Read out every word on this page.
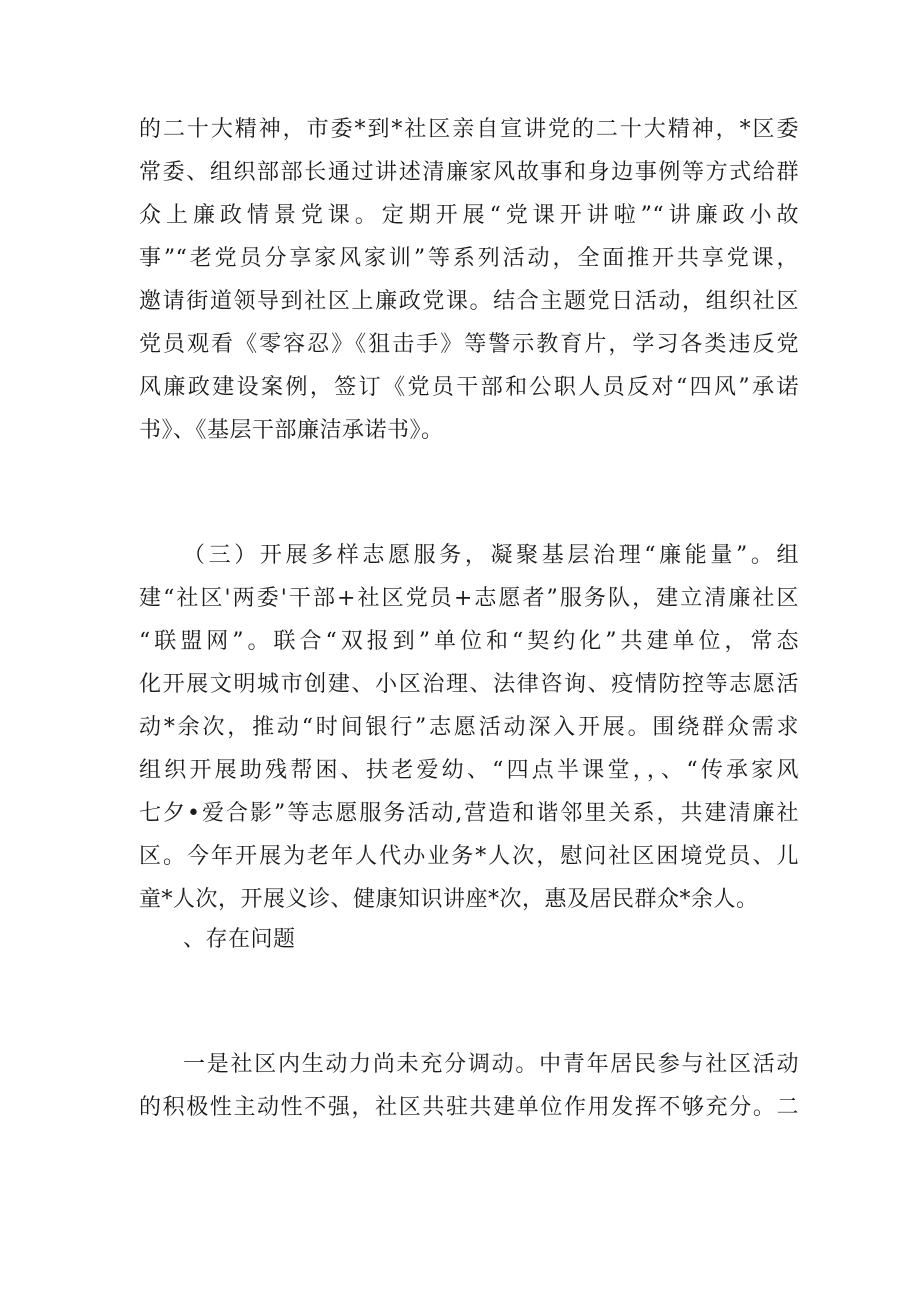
的二十大精神，市委*到*社区亲自宣讲党的二十大精神，*区委
常委、组织部部长通过讲述清廉家风故事和身边事例等方式给群
众上廉政情景党课。定期开展“党课开讲啦”“讲廉政小故
事”“老党员分享家风家训”等系列活动，全面推开共享党课，
邀请街道领导到社区上廉政党课。结合主题党日活动，组织社区
党员观看《零容忍》《狙击手》等警示教育片，学习各类违反党
风廉政建设案例，签订《党员干部和公职人员反对“四风”承诺
书》、《基层干部廉洁承诺书》。
（三）开展多样志愿服务，凝聚基层治理“廉能量”。组
建“社区'两委'干部+社区党员+志愿者”服务队，建立清廉社区
“联盟网”。联合“双报到”单位和“契约化”共建单位，常态
化开展文明城市创建、小区治理、法律咨询、疫情防控等志愿活
动*余次，推动“时间银行”志愿活动深入开展。围绕群众需求
组织开展助残帮困、扶老爱幼、“四点半课堂，，、“传承家风
七夕•爱合影”等志愿服务活动,营造和谐邻里关系，共建清廉社
区。今年开展为老年人代办业务*人次，慰问社区困境党员、儿
童*人次，开展义诊、健康知识讲座*次，惠及居民群众*余人。
、存在问题
一是社区内生动力尚未充分调动。中青年居民参与社区活动
的积极性主动性不强，社区共驻共建单位作用发挥不够充分。二
